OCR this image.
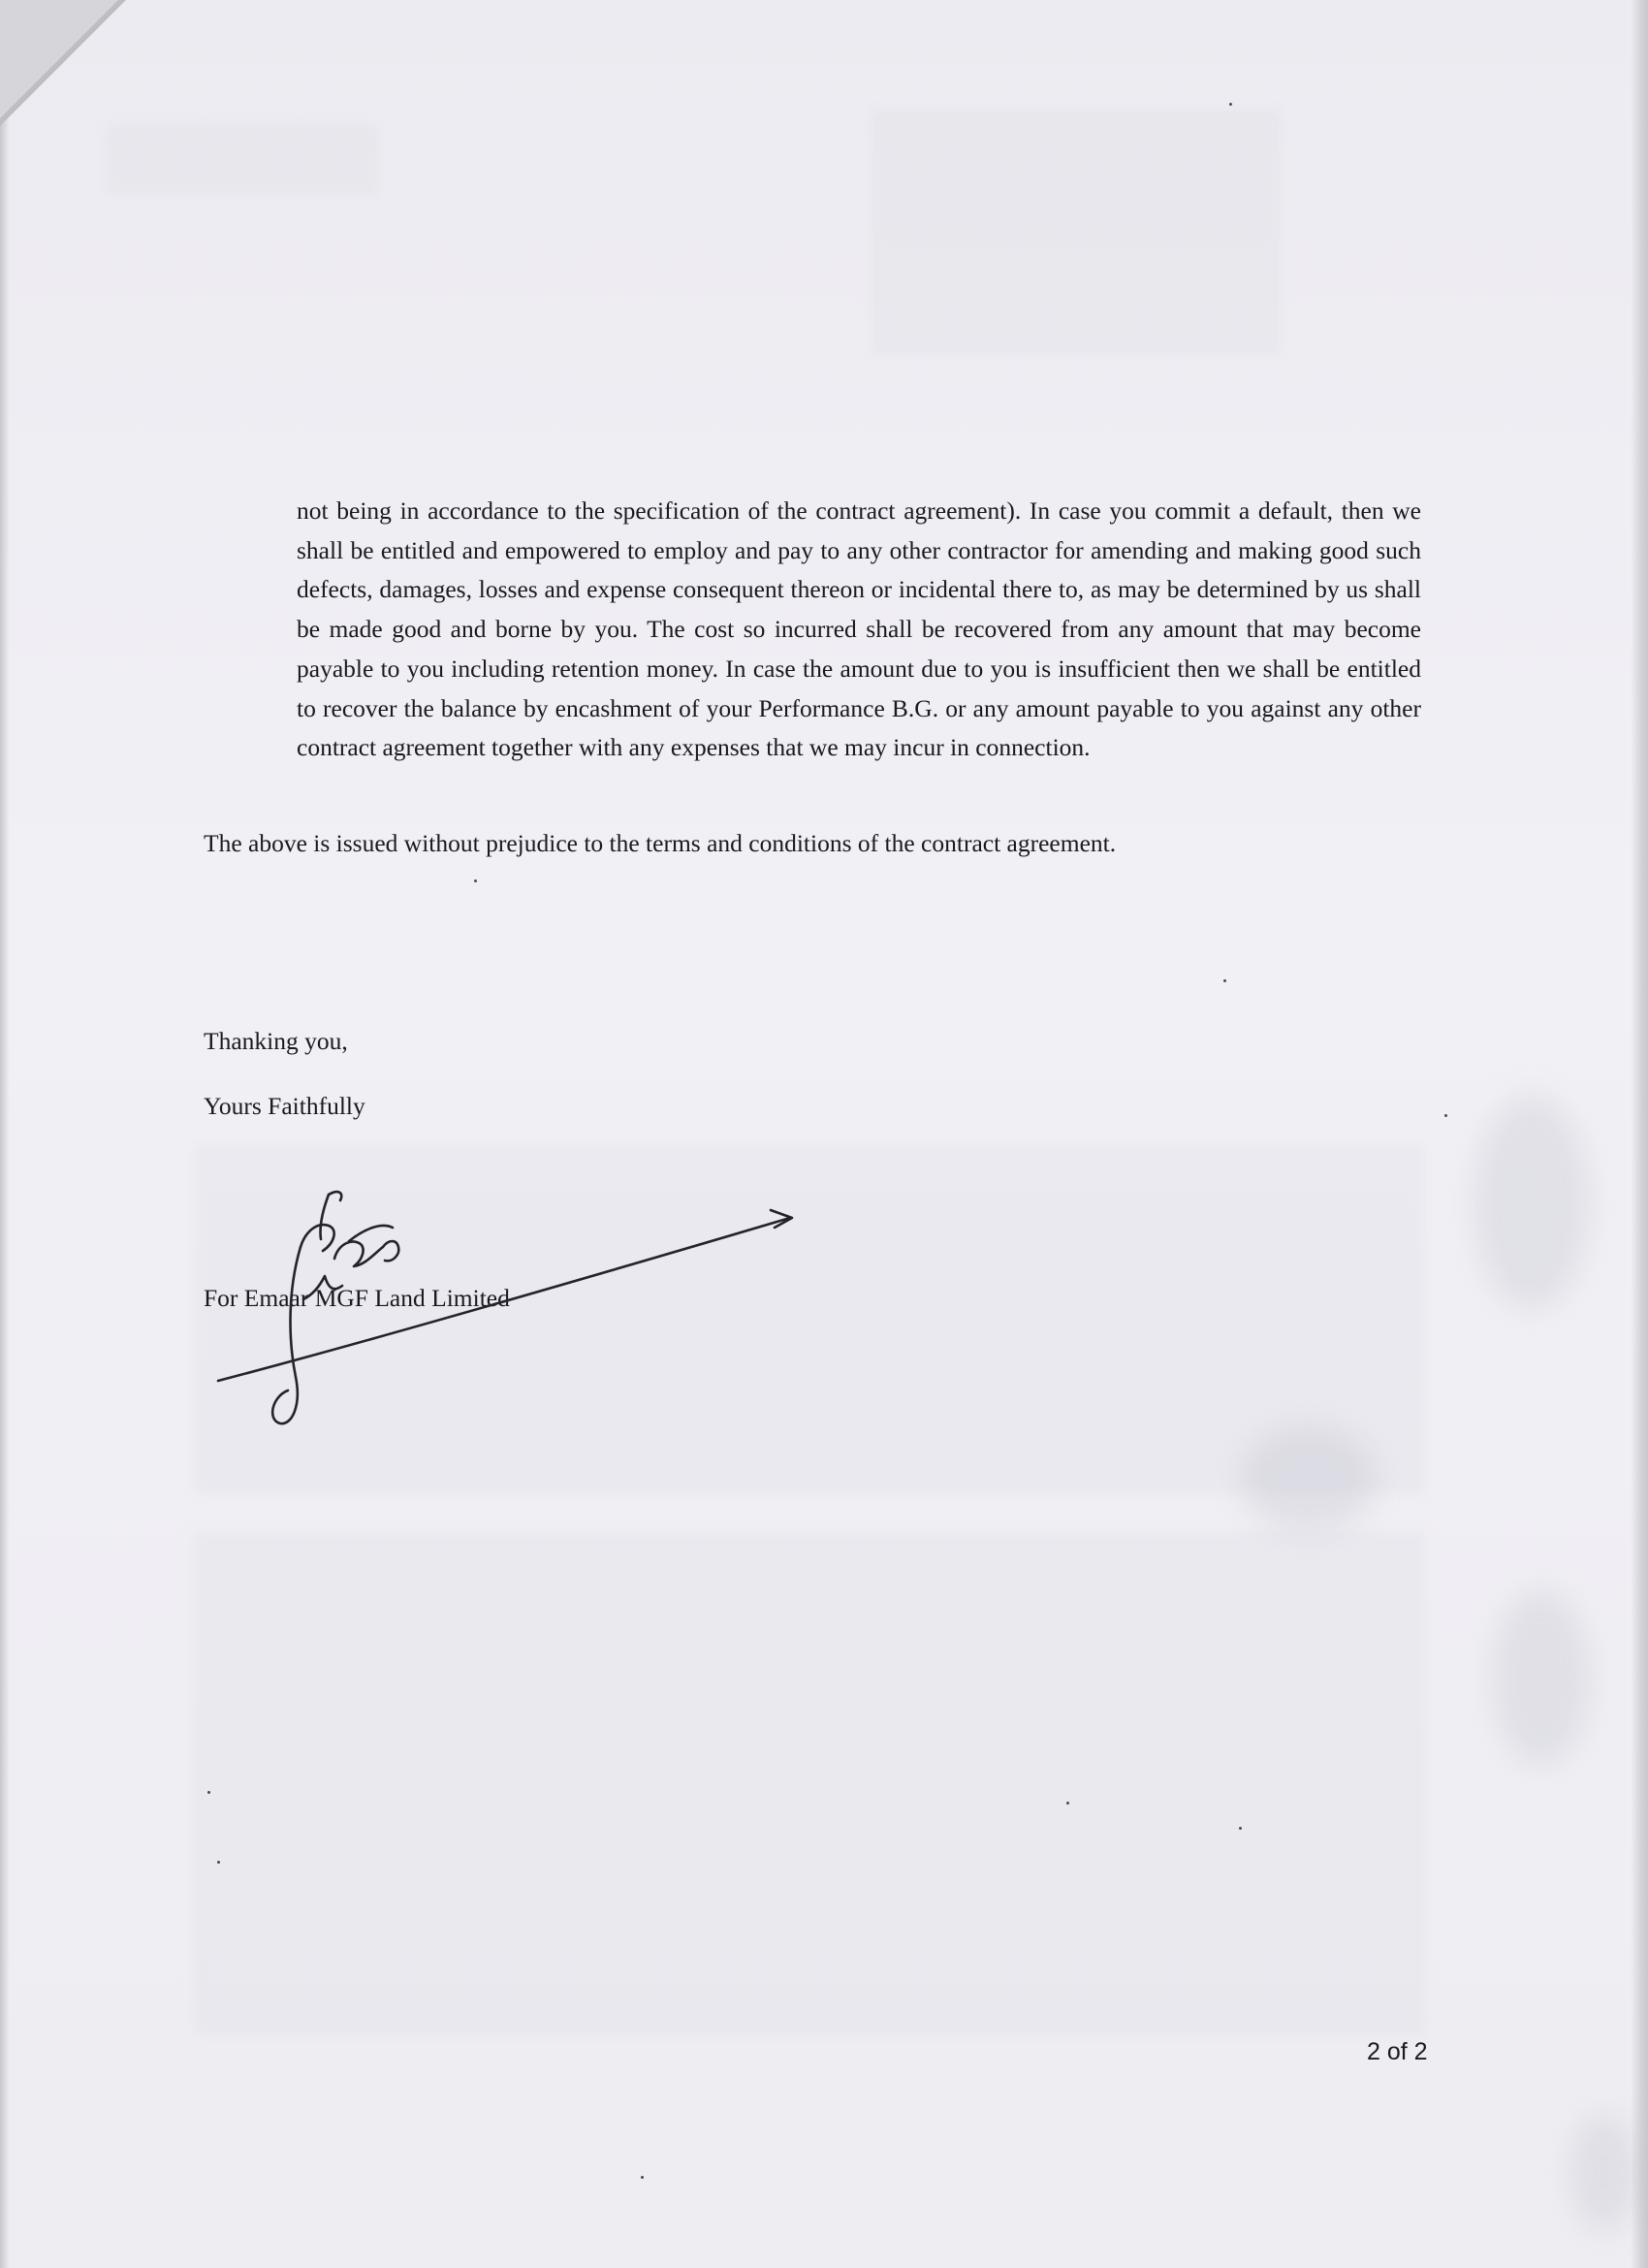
not being in accordance to the specification of the contract agreement). In case you commit a default, then we shall be entitled and empowered to employ and pay to any other contractor for amending and making good such defects, damages, losses and expense consequent thereon or incidental there to, as may be determined by us shall be made good and borne by you. The cost so incurred shall be recovered from any amount that may become payable to you including retention money. In case the amount due to you is insufficient then we shall be entitled to recover the balance by encashment of your Performance B.G. or any amount payable to you against any other contract agreement together with any expenses that we may incur in connection.
The above is issued without prejudice to the terms and conditions of the contract agreement.
Thanking you,
Yours Faithfully
For Emaar MGF Land Limited
2 of 2
